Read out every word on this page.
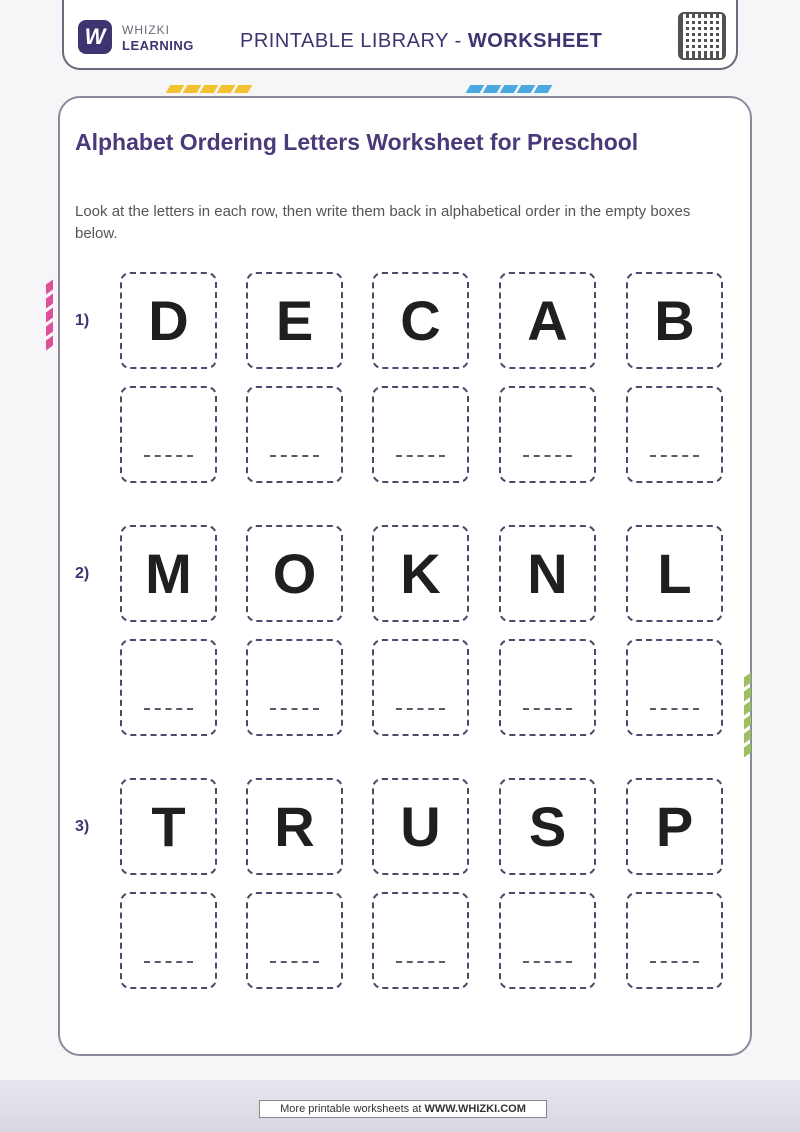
W	WHIZKI
LEARNING PRINTABLE LIBRARY - WORKSHEET
Alphabet Ordering Letters Worksheet for Preschool
Look at the letters in each row, then write them back in alphabetical order in the empty boxes below.
1)	D	E	C	A	B
2) M	O	K	N	L
3)	T	R	U	S	P
More printable worksheets at WWW.WHIZKI.COM
